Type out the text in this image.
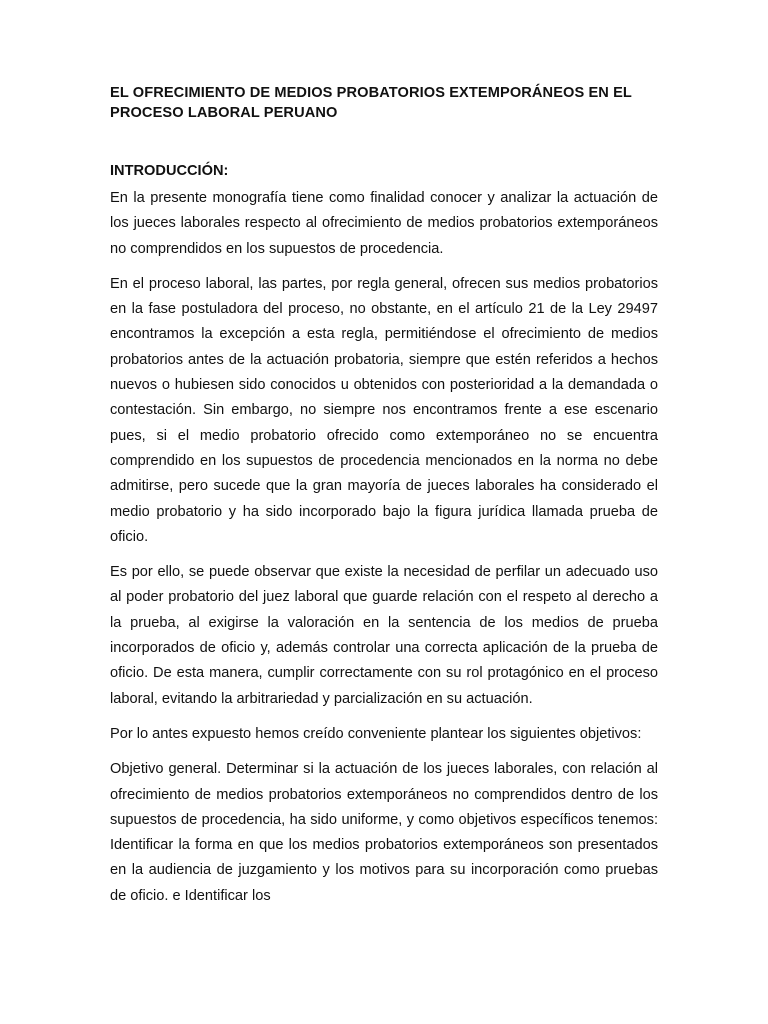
EL OFRECIMIENTO DE MEDIOS PROBATORIOS EXTEMPORÁNEOS EN EL PROCESO LABORAL PERUANO
INTRODUCCIÓN:

En la presente monografía tiene como finalidad conocer y analizar la actuación de los jueces laborales respecto al ofrecimiento de medios probatorios extemporáneos no comprendidos en los supuestos de procedencia.

En el proceso laboral, las partes, por regla general, ofrecen sus medios probatorios en la fase postuladora del proceso, no obstante, en el artículo 21 de la Ley 29497 encontramos la excepción a esta regla, permitiéndose el ofrecimiento de medios probatorios antes de la actuación probatoria, siempre que estén referidos a hechos nuevos o hubiesen sido conocidos u obtenidos con posterioridad a la demandada o contestación. Sin embargo, no siempre nos encontramos frente a ese escenario pues, si el medio probatorio ofrecido como extemporáneo no se encuentra comprendido en los supuestos de procedencia mencionados en la norma no debe admitirse, pero sucede que la gran mayoría de jueces laborales ha considerado el medio probatorio y ha sido incorporado bajo la figura jurídica llamada prueba de oficio.

Es por ello, se puede observar que existe la necesidad de perfilar un adecuado uso al poder probatorio del juez laboral que guarde relación con el respeto al derecho a la prueba, al exigirse la valoración en la sentencia de los medios de prueba incorporados de oficio y, además controlar una correcta aplicación de la prueba de oficio. De esta manera, cumplir correctamente con su rol protagónico en el proceso laboral, evitando la arbitrariedad y parcialización en su actuación.

Por lo antes expuesto hemos creído conveniente plantear los siguientes objetivos:

Objetivo general. Determinar si la actuación de los jueces laborales, con relación al ofrecimiento de medios probatorios extemporáneos no comprendidos dentro de los supuestos de procedencia, ha sido uniforme, y como objetivos específicos tenemos: Identificar la forma en que los medios probatorios extemporáneos son presentados en la audiencia de juzgamiento y los motivos para su incorporación como pruebas de oficio. e Identificar los
